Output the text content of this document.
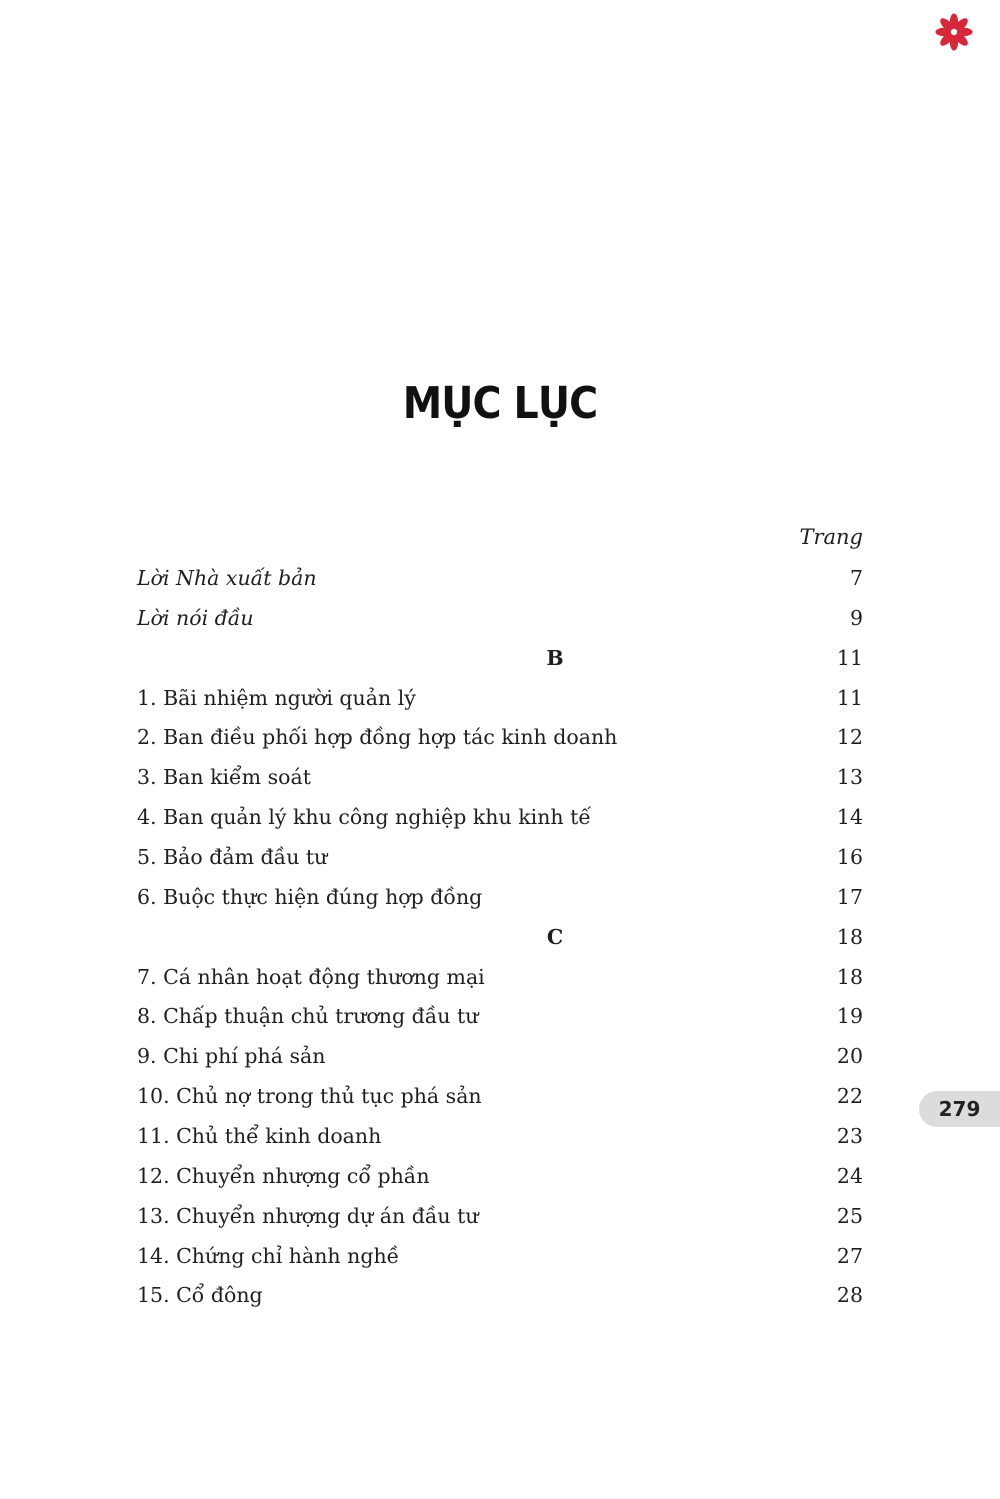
MỤC LỤC
Trang
Lời Nhà xuất bản	7
Lời nói đầu	9
B	11
1. Bãi nhiệm người quản lý	11
2. Ban điều phối hợp đồng hợp tác kinh doanh	12
3. Ban kiểm soát	13
4. Ban quản lý khu công nghiệp khu kinh tế	14
5. Bảo đảm đầu tư	16
6. Buộc thực hiện đúng hợp đồng	17
C	18
7. Cá nhân hoạt động thương mại	18
8. Chấp thuận chủ trương đầu tư	19
9. Chi phí phá sản	20
10. Chủ nợ trong thủ tục phá sản	22
11. Chủ thể kinh doanh	23
12. Chuyển nhượng cổ phần	24
13. Chuyển nhượng dự án đầu tư	25
14. Chứng chỉ hành nghề	27
15. Cổ đông	28
279
